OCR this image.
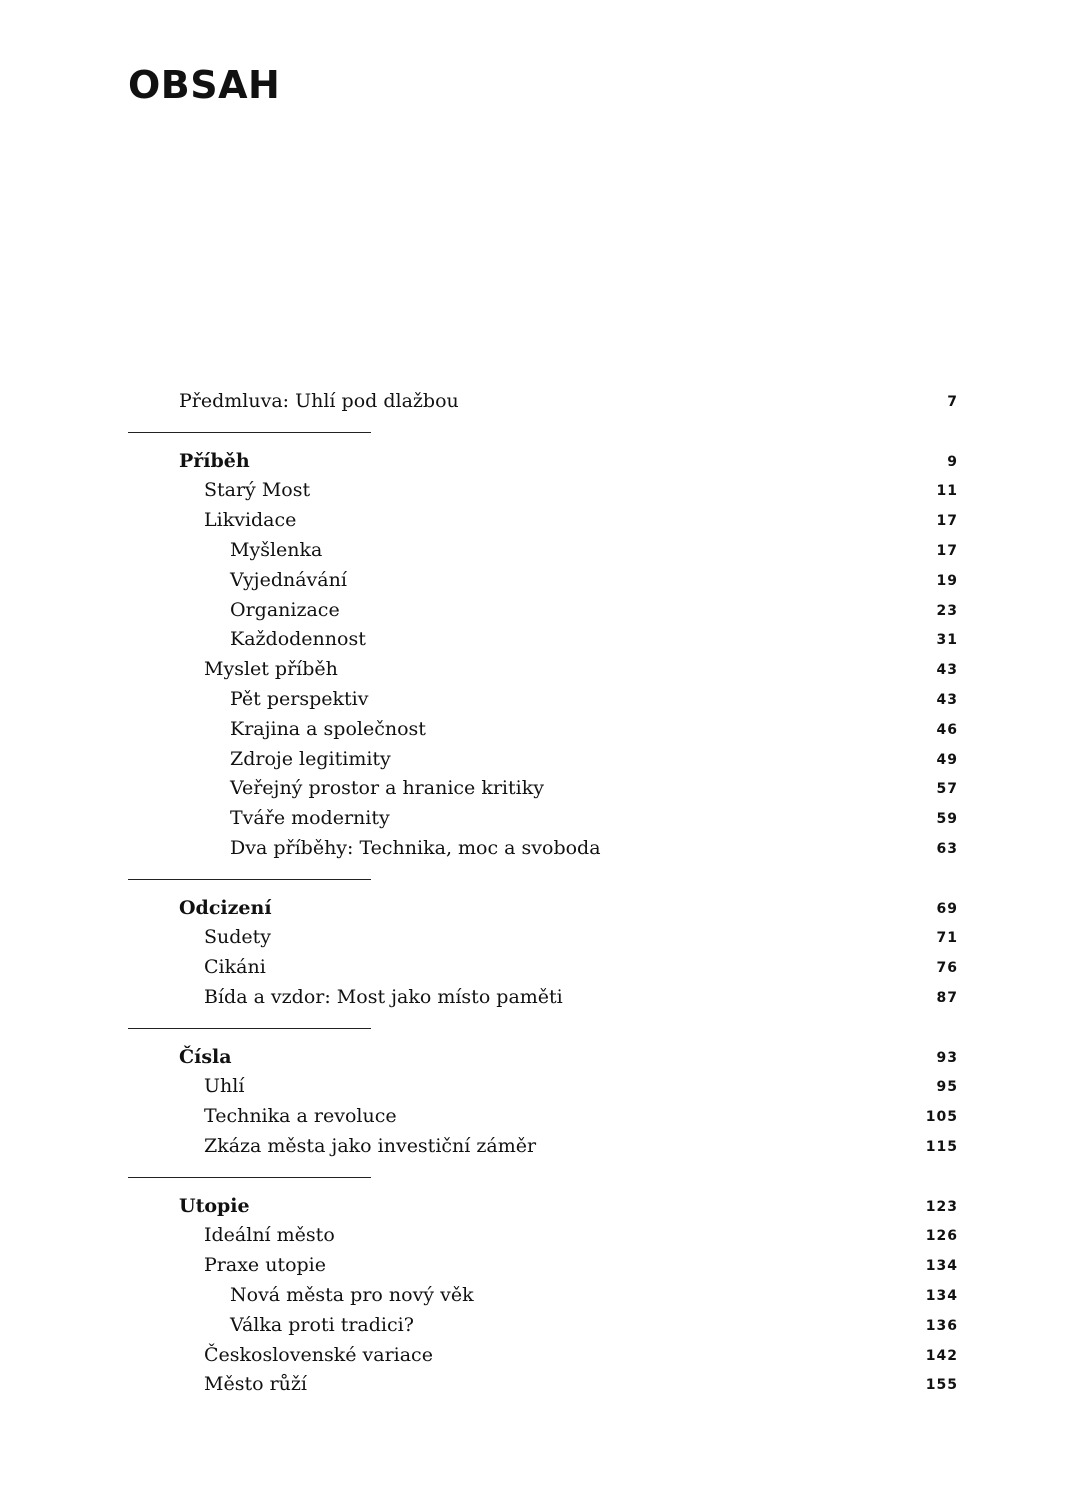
OBSAH
Předmluva: Uhlí pod dlažbou	7
Příběh	9
Starý Most	11
Likvidace	17
Myšlenka	17
Vyjednávání	19
Organizace	23
Každodennost	31
Myslet příběh	43
Pět perspektiv	43
Krajina a společnost	46
Zdroje legitimity	49
Veřejný prostor a hranice kritiky	57
Tváře modernity	59
Dva příběhy: Technika, moc a svoboda	63
Odcizení	69
Sudety	71
Cikáni	76
Bída a vzdor: Most jako místo paměti	87
Čísla	93
Uhlí	95
Technika a revoluce	105
Zkáza města jako investiční záměr	115
Utopie	123
Ideální město	126
Praxe utopie	134
Nová města pro nový věk	134
Válka proti tradici?	136
Československé variace	142
Město růží	155
